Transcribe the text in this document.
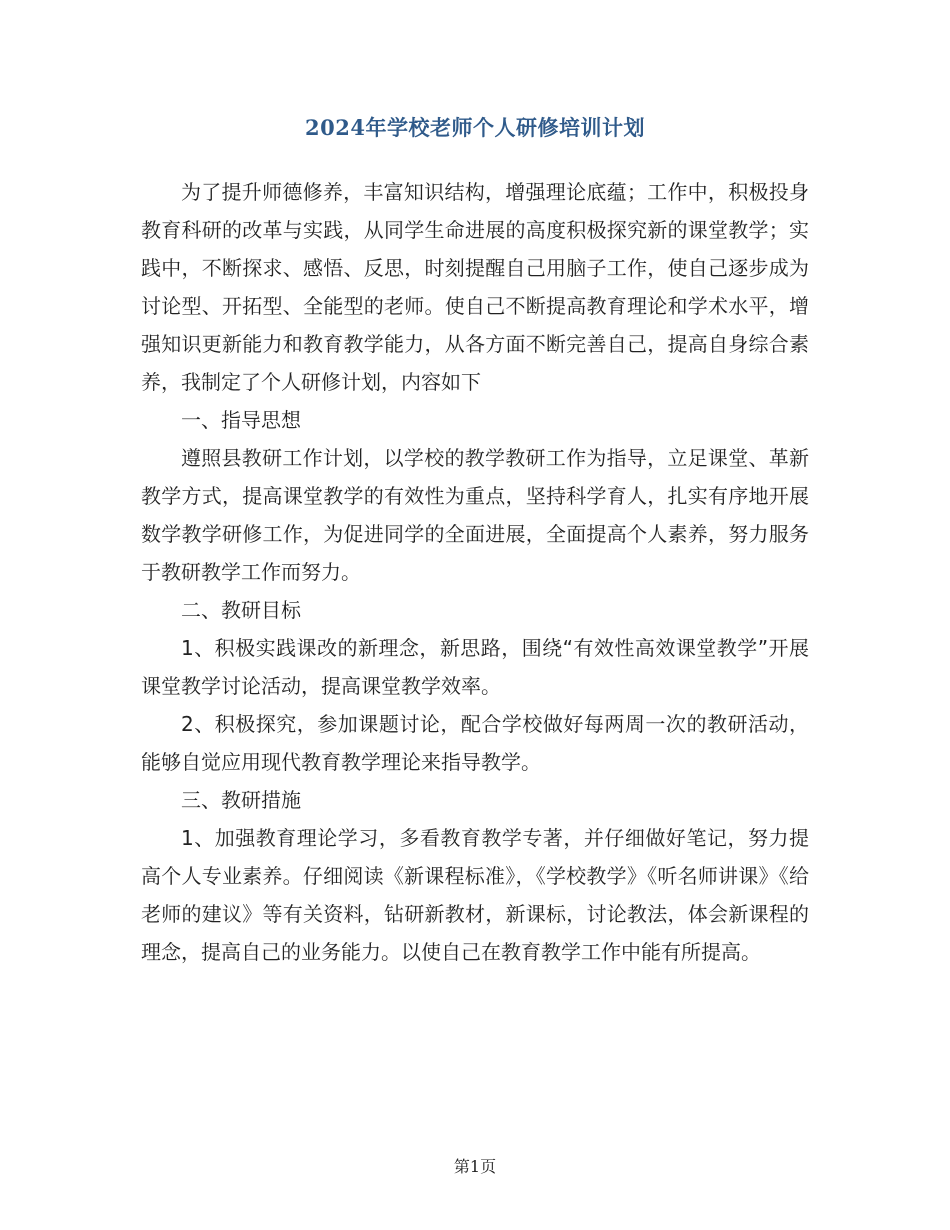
2024年学校老师个人研修培训计划

为了提升师德修养，丰富知识结构，增强理论底蕴；工作中，积极投身教育科研的改革与实践，从同学生命进展的高度积极探究新的课堂教学；实践中，不断探求、感悟、反思，时刻提醒自己用脑子工作，使自己逐步成为讨论型、开拓型、全能型的老师。使自己不断提高教育理论和学术水平，增强知识更新能力和教育教学能力，从各方面不断完善自己，提高自身综合素养，我制定了个人研修计划，内容如下

一、指导思想

遵照县教研工作计划，以学校的教学教研工作为指导，立足课堂、革新教学方式，提高课堂教学的有效性为重点，坚持科学育人，扎实有序地开展数学教学研修工作，为促进同学的全面进展，全面提高个人素养，努力服务于教研教学工作而努力。

二、教研目标

1、积极实践课改的新理念，新思路，围绕“有效性高效课堂教学”开展课堂教学讨论活动，提高课堂教学效率。

2、积极探究，参加课题讨论，配合学校做好每两周一次的教研活动，能够自觉应用现代教育教学理论来指导教学。

三、教研措施

1、加强教育理论学习，多看教育教学专著，并仔细做好笔记，努力提高个人专业素养。仔细阅读《新课程标准》，《学校教学》《听名师讲课》《给老师的建议》等有关资料，钻研新教材，新课标，讨论教法，体会新课程的理念，提高自己的业务能力。以使自己在教育教学工作中能有所提高。

第1页
